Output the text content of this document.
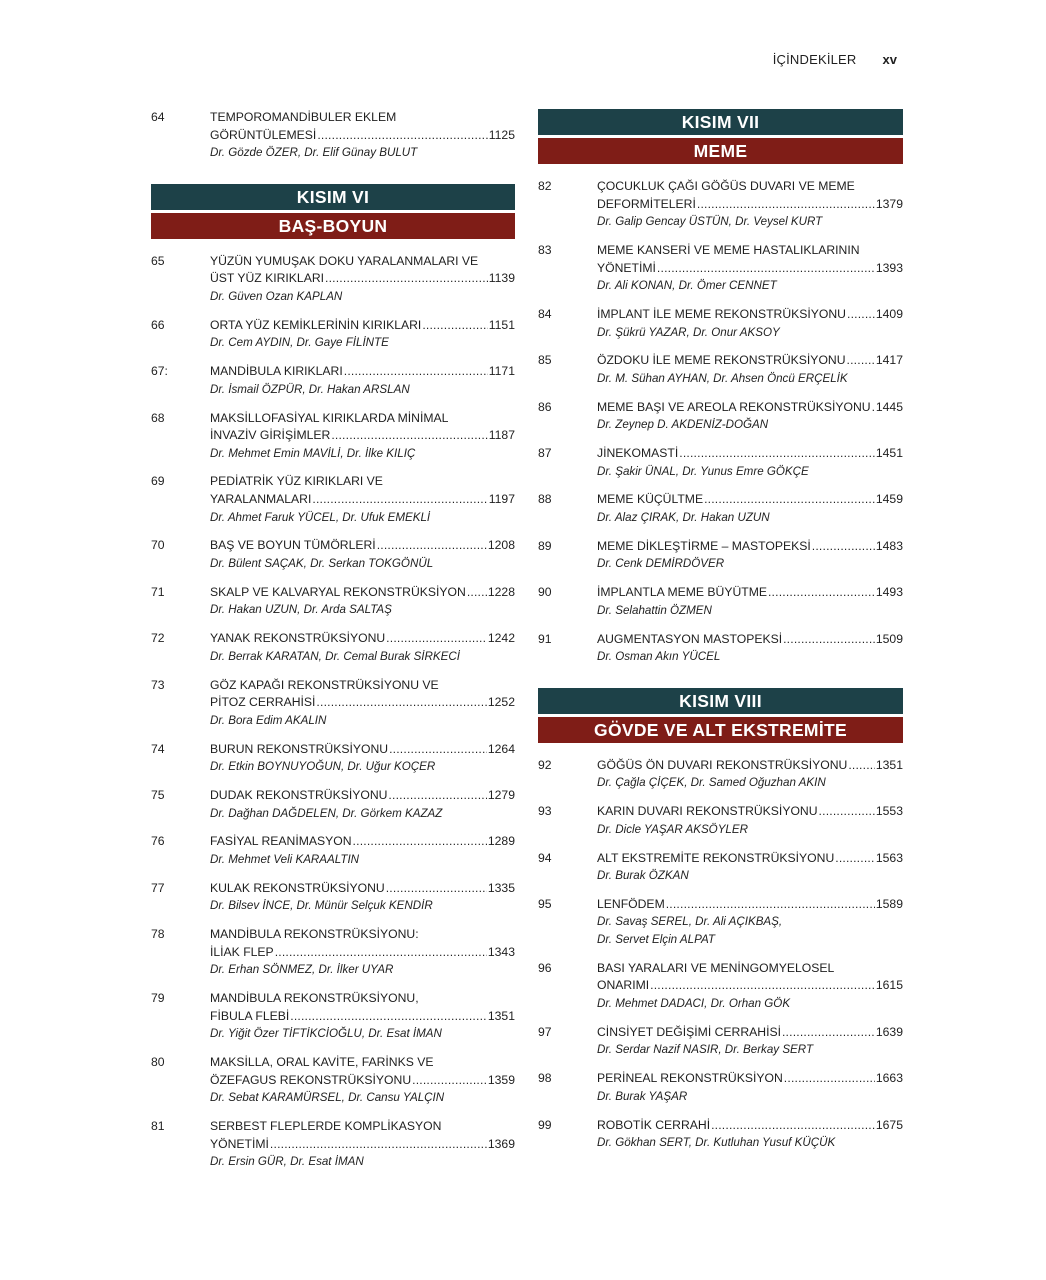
İÇİNDEKİLER xv
64	TEMPOROMANDİBULER EKLEM
GÖRÜNTÜLEMESİ . . .	1125
Dr. Gözde ÖZER, Dr. Elif Günay BULUT
KISIM VI
BAŞ-BOYUN
65	YÜZÜN YUMUŞAK DOKU YARALANMALARI VE
ÜST YÜZ KIRIKLARI . . .	1139
Dr. Güven Ozan KAPLAN
66	ORTA YÜZ KEMİKLERİNİN KIRIKLARI . . .	1151
Dr. Cem AYDIN, Dr. Gaye FİLİNTE
67:	MANDİBULA KIRIKLARI . . .	1171
Dr. İsmail ÖZPÜR, Dr. Hakan ARSLAN
68	MAKSİLLOFASİYAL KIRIKLARDA MİNİMAL
İNVAZİV GİRİŞİMLER . . .	1187
Dr. Mehmet Emin MAVİLİ, Dr. İlke KILIÇ
69	PEDİATRİK YÜZ KIRIKLARI VE
YARALANMALARI . . .	1197
Dr. Ahmet Faruk YÜCEL, Dr. Ufuk EMEKLİ
70	BAŞ VE BOYUN TÜMÖRLERİ . . .	1208
Dr. Bülent SAÇAK, Dr. Serkan TOKGÖNÜL
71	SKALP VE KALVARYAL REKONSTRÜKSİYON . . . 1228
Dr. Hakan UZUN, Dr. Arda SALTAŞ
72	YANAK REKONSTRÜKSİYONU . . .	1242
Dr. Berrak KARATAN, Dr. Cemal Burak SİRKECİ
73	GÖZ KAPAĞI REKONSTRÜKSİYONU VE
PİTOZ CERRAHİSİ . . .	1252
Dr. Bora Edim AKALIN
74	BURUN REKONSTRÜKSİYONU . . .	1264
Dr. Etkin BOYNUYOĞUN, Dr. Uğur KOÇER
75	DUDAK REKONSTRÜKSİYONU . . .	1279
Dr. Dağhan DAĞDELEN, Dr. Görkem KAZAZ
76	FASİYAL REANİMASYON . . .	1289
Dr. Mehmet Veli KARAALTIN
77	KULAK REKONSTRÜKSİYONU . . .	1335
Dr. Bilsev İNCE, Dr. Münür Selçuk KENDİR
78	MANDİBULA REKONSTRÜKSİYONU:
İLİAK FLEP . . .	1343
Dr. Erhan SÖNMEZ, Dr. İlker UYAR
79	MANDİBULA REKONSTRÜKSİYONU,
FİBULA FLEBİ . . .	1351
Dr. Yiğit Özer TİFTİKCİOĞLU, Dr. Esat İMAN
80	MAKSİLLA, ORAL KAVİTE, FARİNKS VE
ÖZEFAGUS REKONSTRÜKSİYONU . . .	1359
Dr. Sebat KARAMÜRSEL, Dr. Cansu YALÇIN
81	SERBEST FLEPLERDE KOMPLİKASYON
YÖNETİMİ . . .	1369
Dr. Ersin GÜR, Dr. Esat İMAN
KISIM VII
MEME
82	ÇOCUKLUK ÇAĞI GÖĞÜS DUVARI VE MEME
DEFORMİTELERİ . . .	1379
Dr. Galip Gencay ÜSTÜN, Dr. Veysel KURT
83	MEME KANSERİ VE MEME HASTALIKLARININ
YÖNETİMİ . . .	1393
Dr. Ali KONAN, Dr. Ömer CENNET
84	İMPLANT İLE MEME REKONSTRÜKSİYONU . . . 1409
Dr. Şükrü YAZAR, Dr. Onur AKSOY
85	ÖZDOKU İLE MEME REKONSTRÜKSİYONU . . . 1417
Dr. M. Sühan AYHAN, Dr. Ahsen Öncü ERÇELİK
86	MEME BAŞI VE AREOLA REKONSTRÜKSİYONU . . . 1445
Dr. Zeynep D. AKDENİZ-DOĞAN
87	JİNEKOMASTİ . . .	1451
Dr. Şakir ÜNAL, Dr. Yunus Emre GÖKÇE
88	MEME KÜÇÜLTME . . .	1459
Dr. Alaz ÇIRAK, Dr. Hakan UZUN
89	MEME DİKLEŞTİRME – MASTOPEKSİ . . .	1483
Dr. Cenk DEMİRDÖVER
90	İMPLANTLA MEME BÜYÜTME . . .	1493
Dr. Selahattin ÖZMEN
91	AUGMENTASYON MASTOPEKSİ . . .	1509
Dr. Osman Akın YÜCEL
KISIM VIII
GÖVDE VE ALT EKSTREMİTE
92	GÖĞÜS ÖN DUVARI REKONSTRÜKSİYONU . . . 1351
Dr. Çağla ÇİÇEK, Dr. Samed Oğuzhan AKIN
93	KARIN DUVARI REKONSTRÜKSİYONU . . .	1553
Dr. Dicle YAŞAR AKSÖYLER
94	ALT EKSTREMİTE REKONSTRÜKSİYONU . . .	1563
Dr. Burak ÖZKAN
95	LENFÖDEM . . .	1589
Dr. Savaş SEREL, Dr. Ali AÇIKBAŞ,
Dr. Servet Elçin ALPAT
96	BASI YARALARI VE MENİNGOMYELOSEL
ONARIMI . . .	1615
Dr. Mehmet DADACI, Dr. Orhan GÖK
97	CİNSİYET DEĞİŞİMİ CERRAHİSİ . . .	1639
Dr. Serdar Nazif NASIR, Dr. Berkay SERT
98	PERİNEAL REKONSTRÜKSİYON . . .	1663
Dr. Burak YAŞAR
99	ROBOTİK CERRAHİ . . .	1675
Dr. Gökhan SERT, Dr. Kutluhan Yusuf KÜÇÜK
